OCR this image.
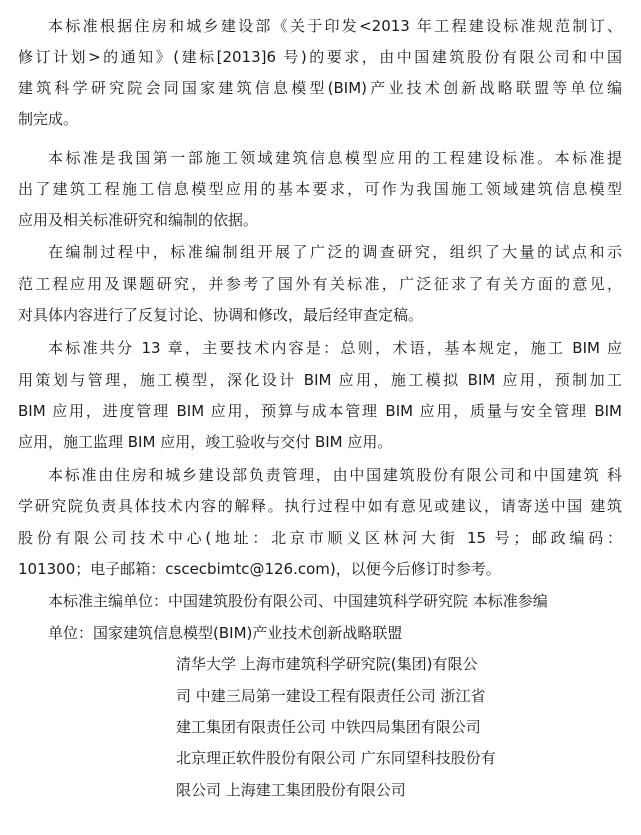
本标准根据住房和城乡建设部《关于印发<2013 年工程建设标准规范制订、
修订计划>的通知》(建标[2013]6 号)的要求，由中国建筑股份有限公司和中国
建筑科学研究院会同国家建筑信息模型(BIM)产业技术创新战略联盟等单位编
制完成。
本标准是我国第一部施工领域建筑信息模型应用的工程建设标准。本标准提
出了建筑工程施工信息模型应用的基本要求，可作为我国施工领域建筑信息模型
应用及相关标准研究和编制的依据。
在编制过程中，标准编制组开展了广泛的调查研究，组织了大量的试点和示
范工程应用及课题研究，并参考了国外有关标准，广泛征求了有关方面的意见，
对具体内容进行了反复讨论、协调和修改，最后经审查定稿。
本标准共分 13 章，主要技术内容是：总则，术语，基本规定，施工 BIM 应
用策划与管理，施工模型，深化设计 BIM 应用，施工模拟 BIM 应用，预制加工
BIM 应用，进度管理 BIM 应用，预算与成本管理 BIM 应用，质量与安全管理 BIM
应用，施工监理 BIM 应用，竣工验收与交付 BIM 应用。
本标准由住房和城乡建设部负责管理，由中国建筑股份有限公司和中国建筑 科
学研究院负责具体技术内容的解释。执行过程中如有意见或建议，请寄送中国 建筑
股份有限公司技术中心(地址：北京市顺义区林河大街 15 号；邮政编码：
101300；电子邮箱：cscecbimtc@126.com)，以便今后修订时参考。
本标准主编单位：中国建筑股份有限公司、中国建筑科学研究院 本标准参编
单位：国家建筑信息模型(BIM)产业技术创新战略联盟
清华大学 上海市建筑科学研究院(集团)有限公
司 中建三局第一建设工程有限责任公司 浙江省
建工集团有限责任公司 中铁四局集团有限公司
北京理正软件股份有限公司 广东同望科技股份有
限公司 上海建工集团股份有限公司
